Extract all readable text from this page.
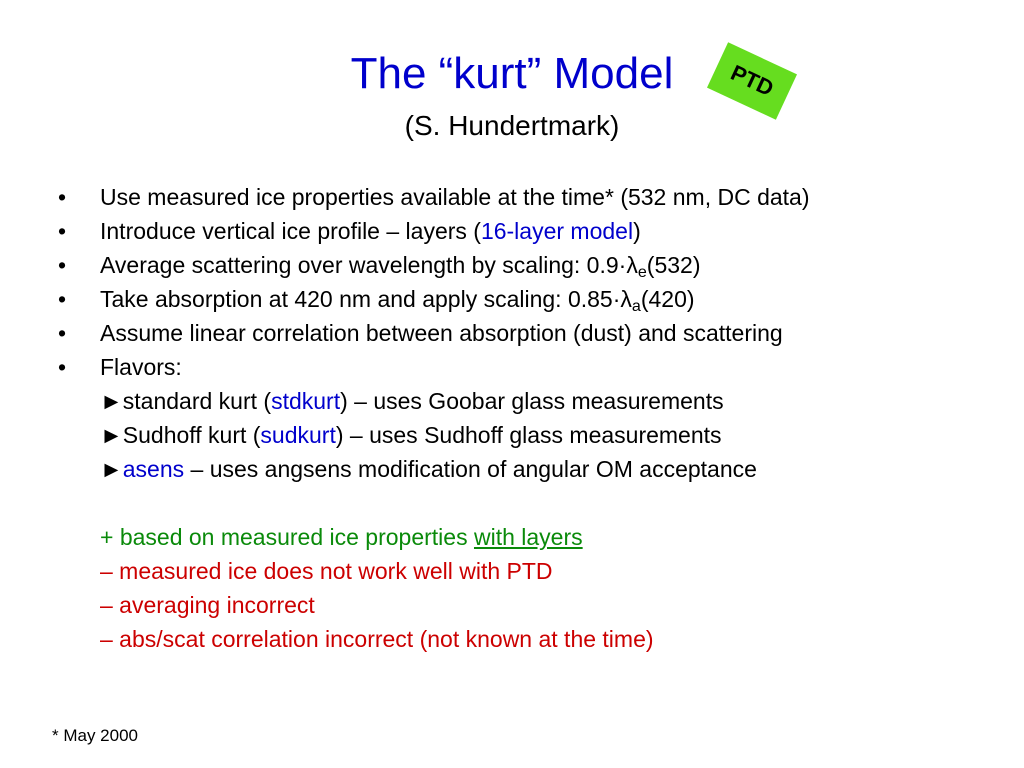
The “kurt” Model
(S. Hundertmark)
PTD
• Use measured ice properties available at the time* (532 nm, DC data)
• Introduce vertical ice profile – layers (16-layer model)
• Average scattering over wavelength by scaling: $0.9\cdot\lambda_e(532)$
• Take absorption at 420 nm and apply scaling: $0.85\cdot\lambda_a(420)$
• Assume linear correlation between absorption (dust) and scattering
• Flavors:
►standard kurt (stdkurt) – uses Goobar glass measurements
►Sudhoff kurt (sudkurt) – uses Sudhoff glass measurements
►asens – uses angsens modification of angular OM acceptance
+ based on measured ice properties with layers
– measured ice does not work well with PTD
– averaging incorrect
– abs/scat correlation incorrect (not known at the time)
* May 2000
